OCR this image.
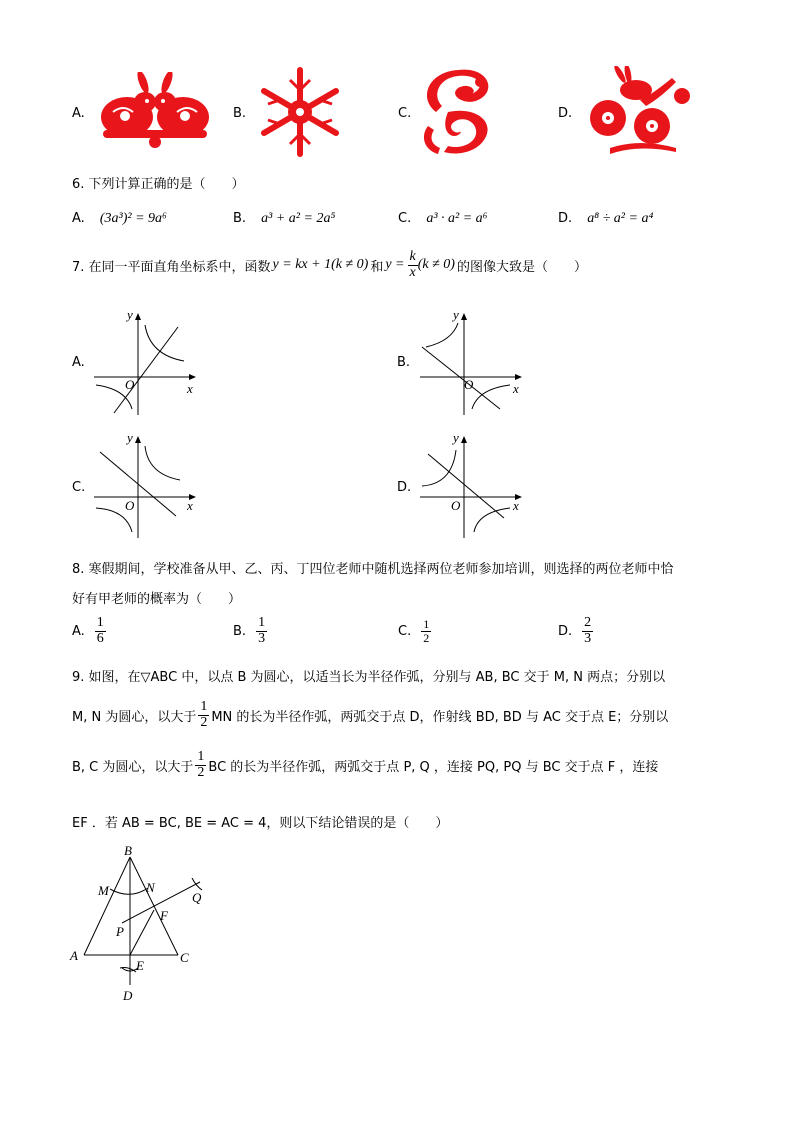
A.	B.	C.	D.
6. 下列计算正确的是（　　）
A. (3a³)² = 9a⁶	B. a³ + a² = 2a⁵	C. a³ · a² = a⁶	D. a⁸ ÷ a² = a⁴
7. 在同一平面直角坐标系中，函数 y = kx + 1(k ≠ 0) 和 $y = \frac{k}{x} (k \ne 0)$ 的图像大致是（　　）
A.
y
x
O
B.
y
x
O
C.
y
x
O
D.
y
x
O
8. 寒假期间，学校准备从甲、乙、丙、丁四位老师中随机选择两位老师参加培训，则选择的两位老师中恰
好有甲老师的概率为（　　）
A. $\frac{1}{6}$	B. $\frac{1}{3}$	C. $\frac{1}{2}$	D. $\frac{2}{3}$
9. 如图，在▽ABC 中，以点 B 为圆心，以适当长为半径作弧，分别与 AB, BC 交于 M, N 两点；分别以
M, N 为圆心，以大于 $\frac{1}{2}$ MN 的长为半径作弧，两弧交于点 D，作射线 BD, BD 与 AC 交于点 E；分别以
B, C 为圆心，以大于 $\frac{1}{2}$ BC 的长为半径作弧，两弧交于点 P, Q ，连接 PQ, PQ 与 BC 交于点 F ，连接
EF ．若 AB = BC, BE = AC = 4，则以下结论错误的是（　　）
B
M	N
Q
F
P
A
E
C
D
